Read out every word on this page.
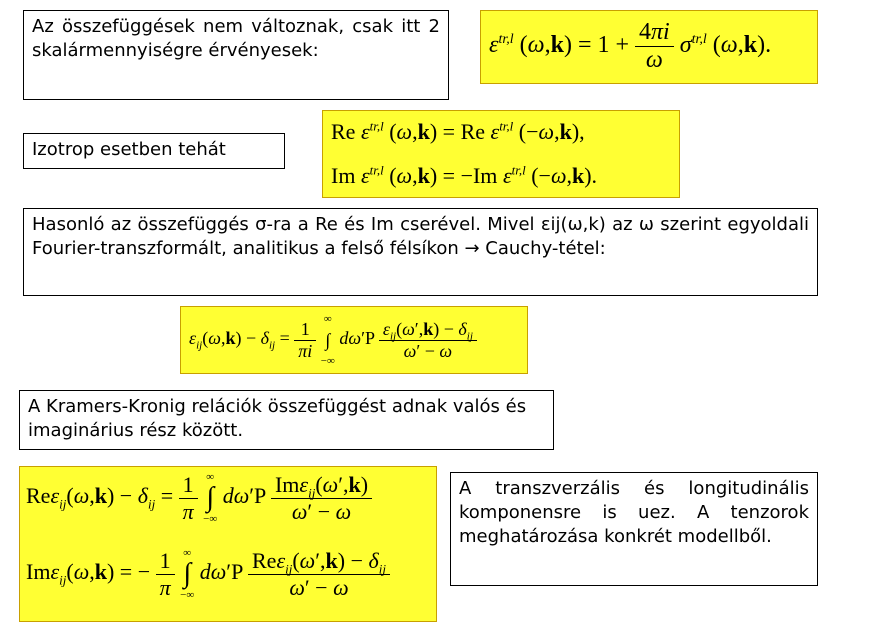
Az összefüggések nem változnak, csak itt 2 skalármennyiségre érvényesek:	$\varepsilon^{tr,l}$ $(\omega,k) = 1 + \frac{4\pi i}{\omega} \sigma^{tr,l}$ (ω,k).
Izotrop esetben tehát
Re $\varepsilon^{tr,l}$ (ω,k) = Re $\varepsilon^{tr,l}$ (−ω,k),
Im $\varepsilon^{tr,l}$ (ω,k) = −Im $\varepsilon^{tr,l}$ (−ω,k).
Hasonló az összefüggés σ-ra a Re és Im cserével. Mivel εij(ω,k) az ω szerint egyoldali Fourier-transzformált, analitikus a felső félsíkon → Cauchy-tétel:
$\varepsilon_{ij}(\omega,k) - \delta_{ij} = \frac{1}{\pi i}$
∞
∫
−∞
$d\omega'P \frac{\varepsilon_{ij}(\omega',k) - \delta_{ij}}{\omega' - \omega}$
A Kramers-Kronig relációk összefüggést adnak valós és imaginárius rész között.
$Re\varepsilon_{ij}(\omega,k) - \delta_{ij} = \frac{1}{\pi}$
∞
∫
−∞
$d\omega'P \frac{Im\varepsilon_{ij}(\omega',k)}{\omega' - \omega}$
Imε$_{ij}$(ω,k) = − $\frac{1}{\pi}$
∞
∫
−∞
$d\omega'P \frac{Re\varepsilon_{ij}(\omega',k) - \delta_{ij}}{\omega' - \omega}$
A transzverzális és longitudinális komponensre is uez. A tenzorok meghatározása konkrét modellből.
